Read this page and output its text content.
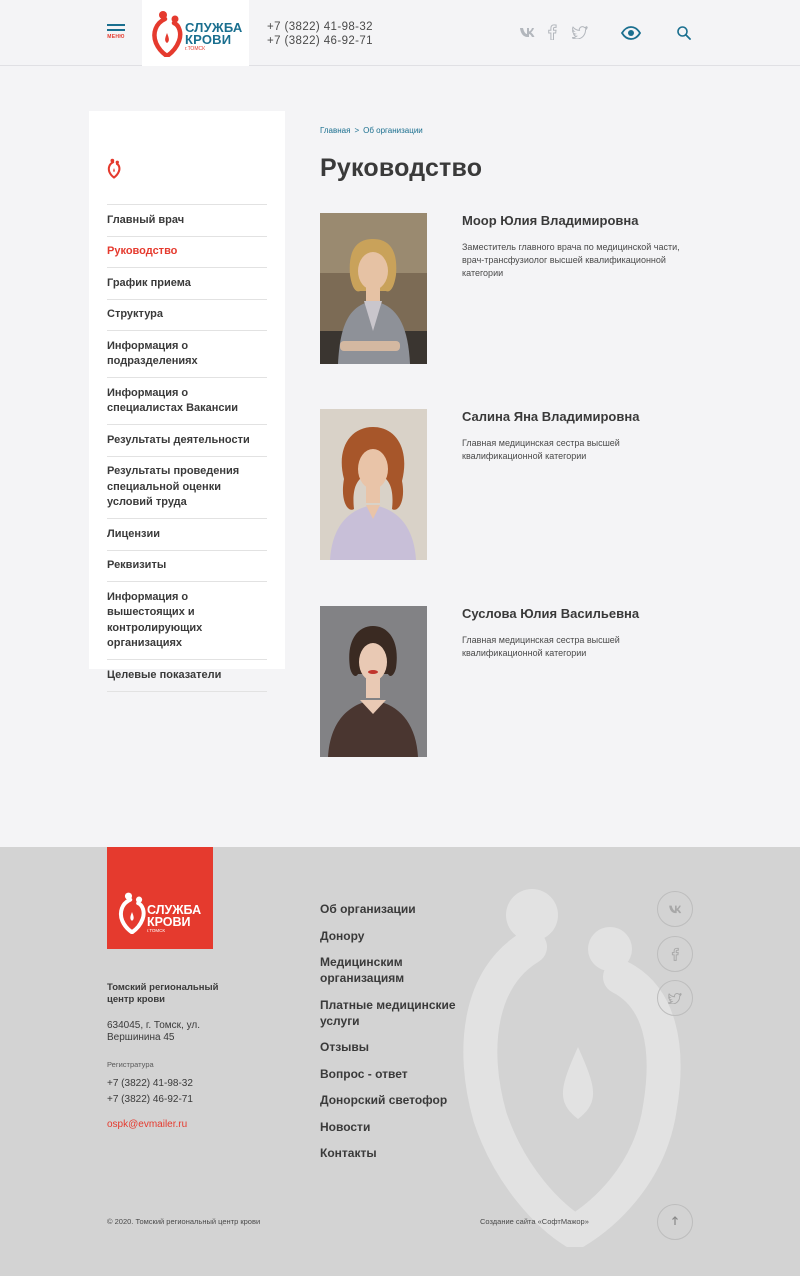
МЕНЮ
СЛУЖБА
КРОВИ
г.ТОМСК
+7 (3822) 41-98-32
+7 (3822) 46-92-71
Главный врач
Руководство
График приема
Структура
Информация о подразделениях
Информация о специалистах Вакансии
Результаты деятельности
Результаты проведения специальной оценки условий труда
Лицензии
Реквизиты
Информация о вышестоящих и контролирующих организациях
Целевые показатели
Главная > Об организации
Руководство
Моор Юлия Владимировна
Заместитель главного врача по медицинской части, врач-трансфузиолог высшей квалификационной категории
Салина Яна Владимировна
Главная медицинская сестра высшей квалификационной категории
Суслова Юлия Васильевна
Главная медицинская сестра высшей квалификационной категории
СЛУЖБА
КРОВИ
г.ТОМСК
Томский региональный центр крови
634045, г. Томск, ул. Вершинина 45
Регистратура
+7 (3822) 41-98-32
+7 (3822) 46-92-71
ospk@evmailer.ru
Об организации
Донору
Медицинским организациям
Платные медицинские услуги
Отзывы
Вопрос - ответ
Донорский светофор
Новости
Контакты
© 2020. Томский региональный центр крови	Создание сайта «СофтМажор»
